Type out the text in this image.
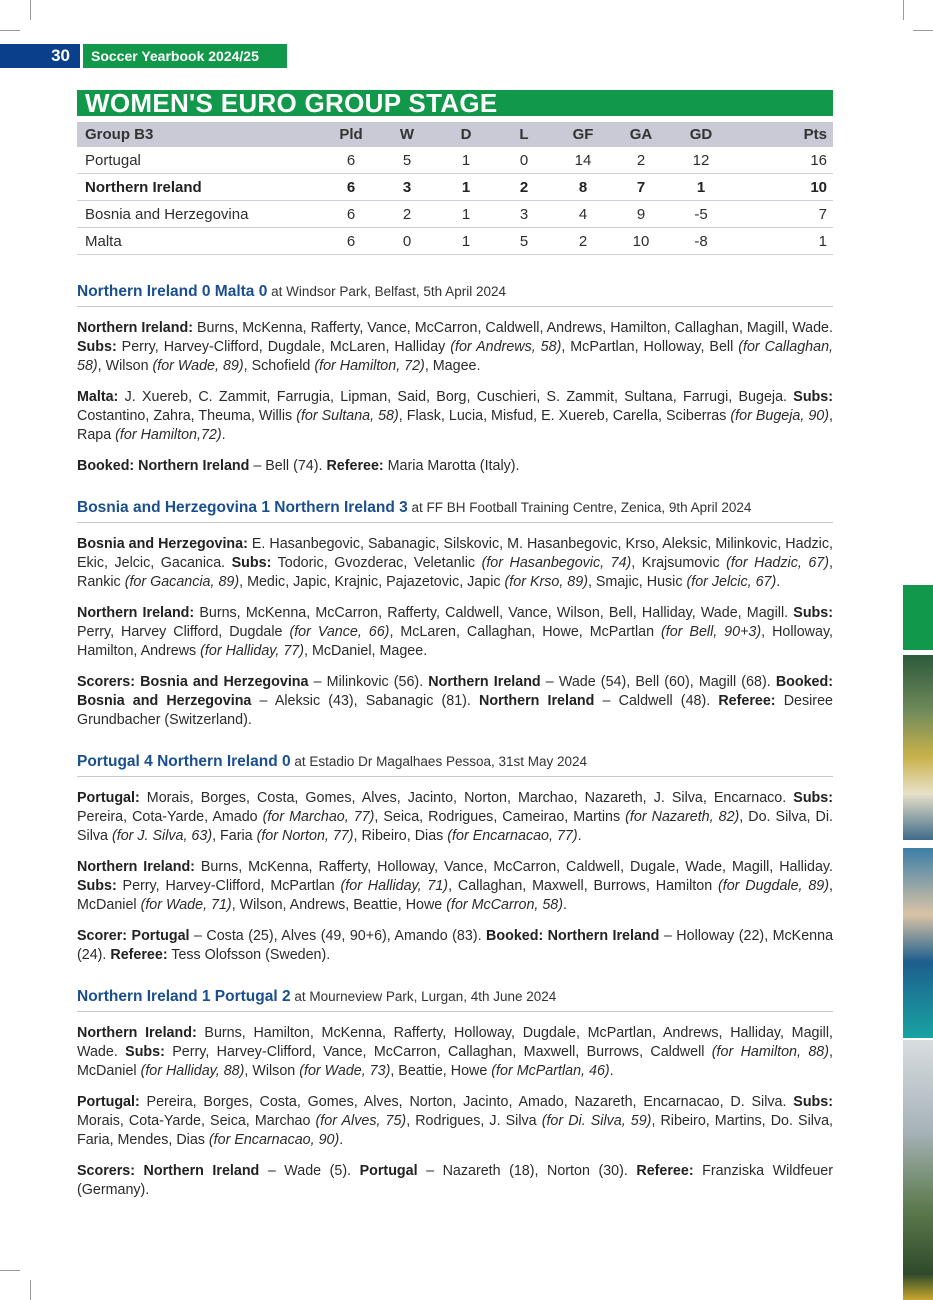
30	Soccer Yearbook 2024/25
WOMEN'S EURO GROUP STAGE
Group B3	Pld	W	D	L	GF	GA	GD	Pts
Portugal	6	5	1	0	14	2	12	16
Northern Ireland	6	3	1	2	8	7	1	10
Bosnia and Herzegovina	6	2	1	3	4	9	-5	7
Malta	6	0	1	5	2	10	-8	1

Northern Ireland 0 Malta 0 at Windsor Park, Belfast, 5th April 2024

Northern Ireland: Burns, McKenna, Rafferty, Vance, McCarron, Caldwell, Andrews, Hamilton, Callaghan, Magill, Wade. Subs: Perry, Harvey-Clifford, Dugdale, McLaren, Halliday (for Andrews, 58), McPartlan, Holloway, Bell (for Callaghan, 58), Wilson (for Wade, 89), Schofield (for Hamilton, 72), Magee.

Malta: J. Xuereb, C. Zammit, Farrugia, Lipman, Said, Borg, Cuschieri, S. Zammit, Sultana, Farrugi, Bugeja. Subs: Costantino, Zahra, Theuma, Willis (for Sultana, 58), Flask, Lucia, Misfud, E. Xuereb, Carella, Sciberras (for Bugeja, 90), Rapa (for Hamilton,72).

Booked: Northern Ireland – Bell (74). Referee: Maria Marotta (Italy).

Bosnia and Herzegovina 1 Northern Ireland 3 at FF BH Football Training Centre, Zenica, 9th April 2024

Bosnia and Herzegovina: E. Hasanbegovic, Sabanagic, Silskovic, M. Hasanbegovic, Krso, Aleksic, Milinkovic, Hadzic, Ekic, Jelcic, Gacanica. Subs: Todoric, Gvozderac, Veletanlic (for Hasanbegovic, 74), Krajsumovic (for Hadzic, 67), Rankic (for Gacancia, 89), Medic, Japic, Krajnic, Pajazetovic, Japic (for Krso, 89), Smajic, Husic (for Jelcic, 67).

Northern Ireland: Burns, McKenna, McCarron, Rafferty, Caldwell, Vance, Wilson, Bell, Halliday, Wade, Magill. Subs: Perry, Harvey Clifford, Dugdale (for Vance, 66), McLaren, Callaghan, Howe, McPartlan (for Bell, 90+3), Holloway, Hamilton, Andrews (for Halliday, 77), McDaniel, Magee.

Scorers: Bosnia and Herzegovina – Milinkovic (56). Northern Ireland – Wade (54), Bell (60), Magill (68). Booked: Bosnia and Herzegovina – Aleksic (43), Sabanagic (81). Northern Ireland – Caldwell (48). Referee: Desiree Grundbacher (Switzerland).

Portugal 4 Northern Ireland 0 at Estadio Dr Magalhaes Pessoa, 31st May 2024

Portugal: Morais, Borges, Costa, Gomes, Alves, Jacinto, Norton, Marchao, Nazareth, J. Silva, Encarnaco. Subs: Pereira, Cota-Yarde, Amado (for Marchao, 77), Seica, Rodrigues, Cameirao, Martins (for Nazareth, 82), Do. Silva, Di. Silva (for J. Silva, 63), Faria (for Norton, 77), Ribeiro, Dias (for Encarnacao, 77).

Northern Ireland: Burns, McKenna, Rafferty, Holloway, Vance, McCarron, Caldwell, Dugale, Wade, Magill, Halliday. Subs: Perry, Harvey-Clifford, McPartlan (for Halliday, 71), Callaghan, Maxwell, Burrows, Hamilton (for Dugdale, 89), McDaniel (for Wade, 71), Wilson, Andrews, Beattie, Howe (for McCarron, 58).

Scorer: Portugal – Costa (25), Alves (49, 90+6), Amando (83). Booked: Northern Ireland – Holloway (22), McKenna (24). Referee: Tess Olofsson (Sweden).

Northern Ireland 1 Portugal 2 at Mourneview Park, Lurgan, 4th June 2024

Northern Ireland: Burns, Hamilton, McKenna, Rafferty, Holloway, Dugdale, McPartlan, Andrews, Halliday, Magill, Wade. Subs: Perry, Harvey-Clifford, Vance, McCarron, Callaghan, Maxwell, Burrows, Caldwell (for Hamilton, 88), McDaniel (for Halliday, 88), Wilson (for Wade, 73), Beattie, Howe (for McPartlan, 46).

Portugal: Pereira, Borges, Costa, Gomes, Alves, Norton, Jacinto, Amado, Nazareth, Encarnacao, D. Silva. Subs: Morais, Cota-Yarde, Seica, Marchao (for Alves, 75), Rodrigues, J. Silva (for Di. Silva, 59), Ribeiro, Martins, Do. Silva, Faria, Mendes, Dias (for Encarnacao, 90).

Scorers: Northern Ireland – Wade (5). Portugal – Nazareth (18), Norton (30). Referee: Franziska Wildfeuer (Germany).
